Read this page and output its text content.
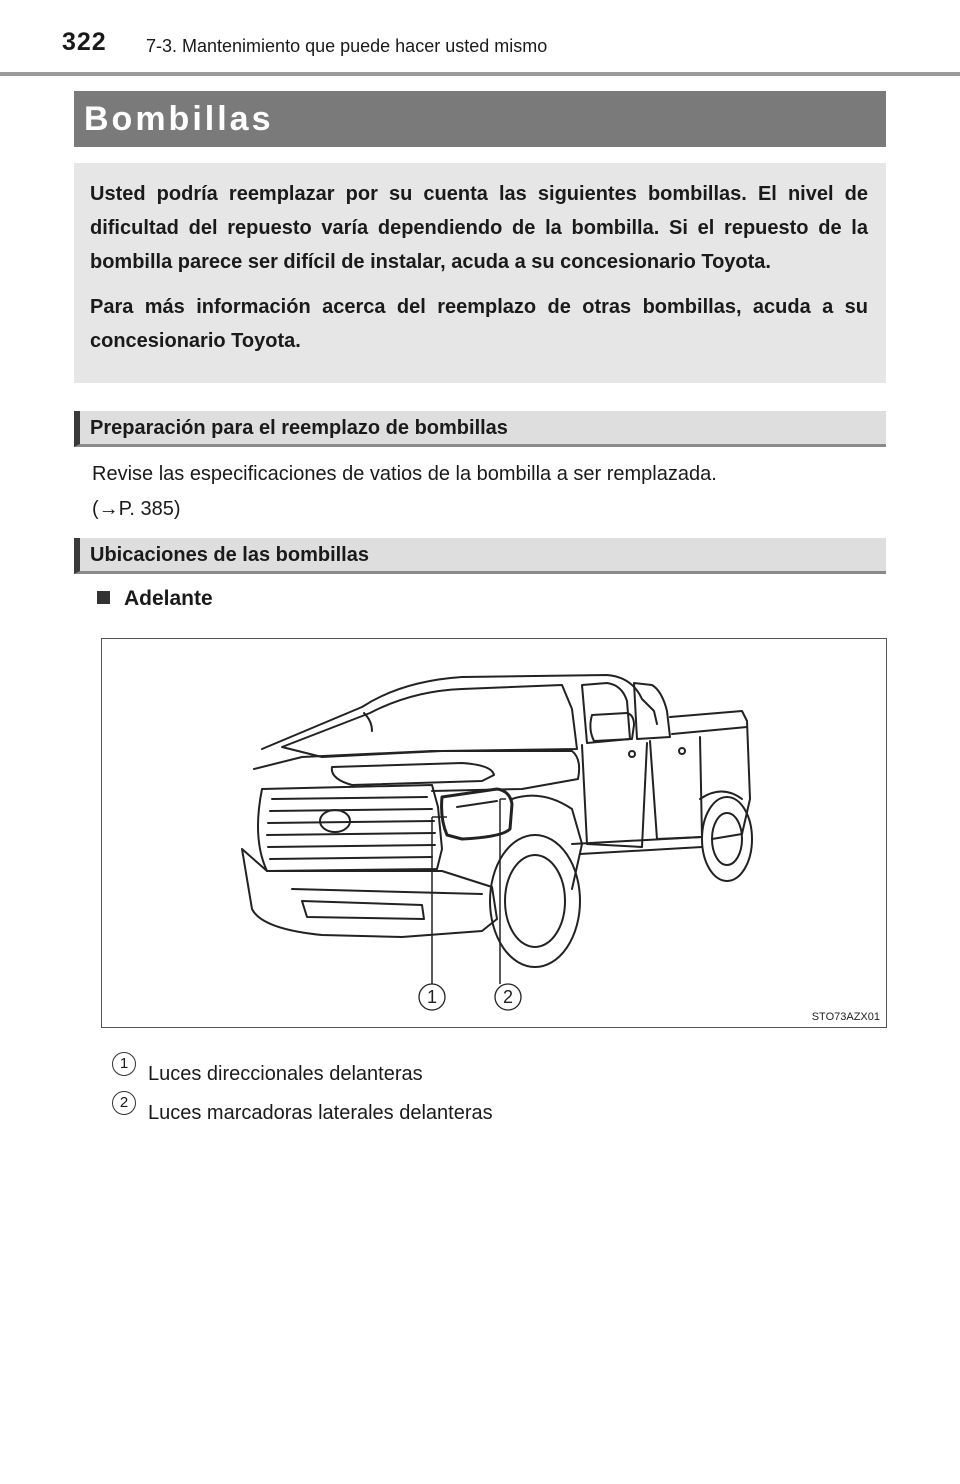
322 7-3. Mantenimiento que puede hacer usted mismo
Bombillas

Usted podría reemplazar por su cuenta las siguientes bombillas. El nivel de dificultad del repuesto varía dependiendo de la bombilla. Si el repuesto de la bombilla parece ser difícil de instalar, acuda a su concesionario Toyota.

Para más información acerca del reemplazo de otras bombillas, acuda a su concesionario Toyota.

Preparación para el reemplazo de bombillas

Revise las especificaciones de vatios de la bombilla a ser remplazada.

(→P. 385)

Ubicaciones de las bombillas
Adelante
1	2
STO73AZX01
1 Luces direccionales delanteras
2 Luces marcadoras laterales delanteras
